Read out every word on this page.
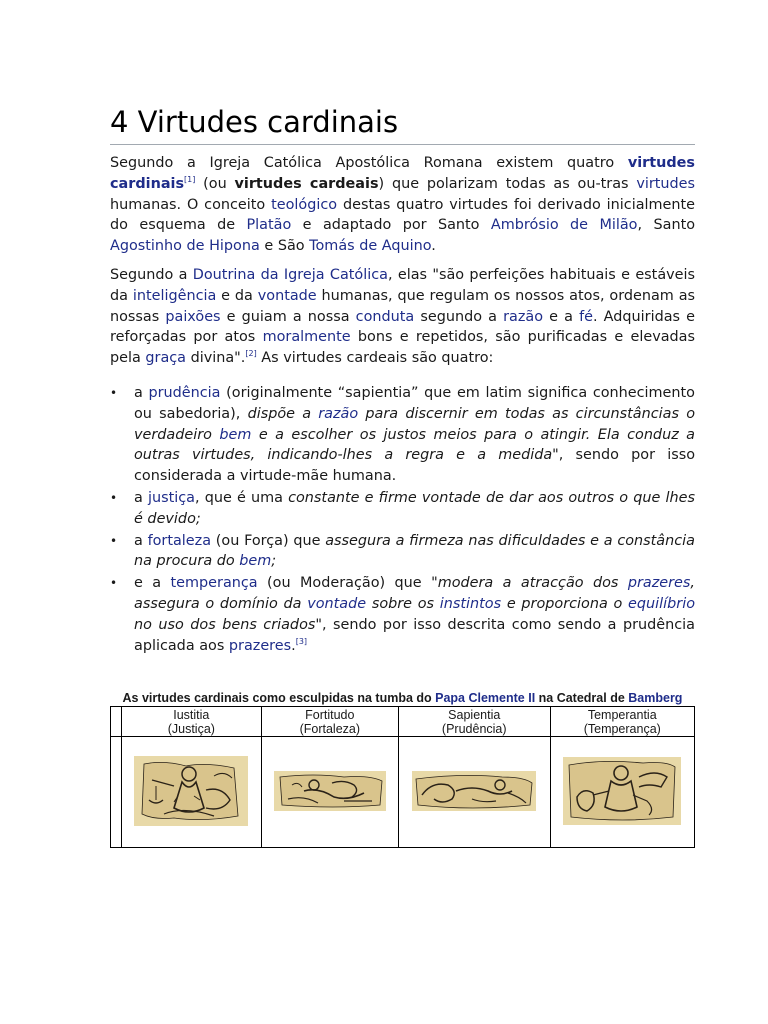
4 Virtudes cardinais

Segundo a Igreja Católica Apostólica Romana existem quatro virtudes cardinais[1] (ou virtudes cardeais) que polarizam todas as ou-tras virtudes humanas. O conceito teológico destas quatro virtudes foi derivado inicialmente do esquema de Platão e adaptado por Santo Ambrósio de Milão, Santo Agostinho de Hipona e São Tomás de Aquino.

Segundo a Doutrina da Igreja Católica, elas "são perfeições habituais e estáveis da inteligência e da vontade humanas, que regulam os nossos atos, ordenam as nossas paixões e guiam a nossa conduta segundo a razão e a fé. Adquiridas e reforçadas por atos moralmente bons e repetidos, são purificadas e elevadas pela graça divina".[2] As virtudes cardeais são quatro:

• a prudência (originalmente “sapientia” que em latim significa conhecimento ou sabedoria), dispõe a razão para discernir em todas as circunstâncias o verdadeiro bem e a escolher os justos meios para o atingir. Ela conduz a outras virtudes, indicando-lhes a regra e a medida", sendo por isso considerada a virtude-mãe humana.
• a justiça, que é uma constante e firme vontade de dar aos outros o que lhes é devido;
• a fortaleza (ou Força) que assegura a firmeza nas dificuldades e a constância na procura do bem;
• e a temperança (ou Moderação) que "modera a atracção dos prazeres, assegura o domínio da vontade sobre os instintos e proporciona o equilíbrio no uso dos bens criados", sendo por isso descrita como sendo a prudência aplicada aos prazeres.[3]
As virtudes cardinais como esculpidas na tumba do Papa Clemente II na Catedral de Bamberg
	Iustitia
(Justiça)	Fortitudo
(Fortaleza)	Sapientia
(Prudência)	Temperantia
(Temperança)
